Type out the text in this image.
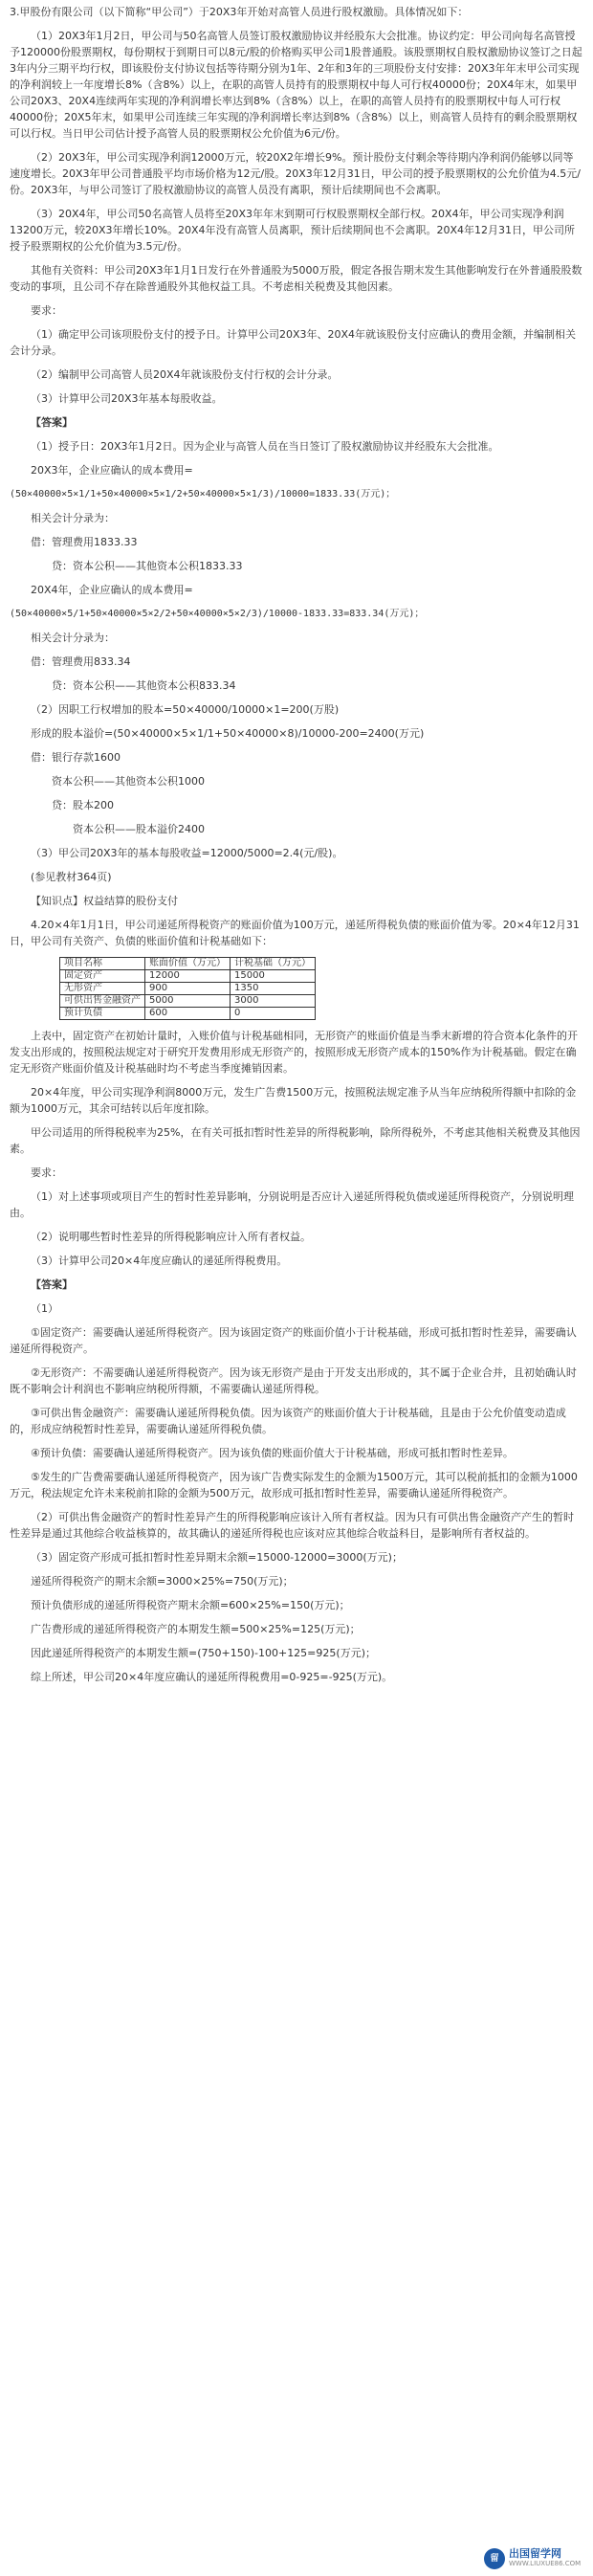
3.甲股份有限公司（以下简称“甲公司”）于20X3年开始对高管人员进行股权激励。具体情况如下：

（1）20X3年1月2日，甲公司与50名高管人员签订股权激励协议并经股东大会批准。协议约定：甲公司向每名高管授予120000份股票期权，每份期权于到期日可以8元/股的价格购买甲公司1股普通股。该股票期权自股权激励协议签订之日起3年内分三期平均行权，即该股份支付协议包括等待期分别为1年、2年和3年的三项股份支付安排：20X3年年末甲公司实现的净利润较上一年度增长8%（含8%）以上，在职的高管人员持有的股票期权中每人可行权40000份；20X4年末，如果甲公司20X3、20X4连续两年实现的净利润增长率达到8%（含8%）以上，在职的高管人员持有的股票期权中每人可行权40000份；20X5年末，如果甲公司连续三年实现的净利润增长率达到8%（含8%）以上，则高管人员持有的剩余股票期权可以行权。当日甲公司估计授予高管人员的股票期权公允价值为6元/份。

（2）20X3年，甲公司实现净利润12000万元，较20X2年增长9%。预计股份支付剩余等待期内净利润仍能够以同等速度增长。20X3年甲公司普通股平均市场价格为12元/股。20X3年12月31日，甲公司的授予股票期权的公允价值为4.5元/份。20X3年，与甲公司签订了股权激励协议的高管人员没有离职，预计后续期间也不会离职。

（3）20X4年，甲公司50名高管人员将至20X3年年末到期可行权股票期权全部行权。20X4年，甲公司实现净利润13200万元，较20X3年增长10%。20X4年没有高管人员离职，预计后续期间也不会离职。20X4年12月31日，甲公司所授予股票期权的公允价值为3.5元/份。

其他有关资料：甲公司20X3年1月1日发行在外普通股为5000万股，假定各报告期末发生其他影响发行在外普通股股数变动的事项，且公司不存在除普通股外其他权益工具。不考虑相关税费及其他因素。

要求：

（1）确定甲公司该项股份支付的授予日。计算甲公司20X3年、20X4年就该股份支付应确认的费用金额，并编制相关会计分录。

（2）编制甲公司高管人员20X4年就该股份支付行权的会计分录。

（3）计算甲公司20X3年基本每股收益。

【答案】

（1）授予日：20X3年1月2日。因为企业与高管人员在当日签订了股权激励协议并经股东大会批准。

20X3年，企业应确认的成本费用=

(50×40000×5×1/1+50×40000×5×1/2+50×40000×5×1/3)/10000=1833.33(万元)；

相关会计分录为：

借：管理费用1833.33

贷：资本公积——其他资本公积1833.33

20X4年，企业应确认的成本费用=

(50×40000×5/1+50×40000×5×2/2+50×40000×5×2/3)/10000-1833.33=833.34(万元)；

相关会计分录为：

借：管理费用833.34

贷：资本公积——其他资本公积833.34

（2）因职工行权增加的股本=50×40000/10000×1=200(万股)

形成的股本溢价=(50×40000×5×1/1+50×40000×8)/10000-200=2400(万元)

借：银行存款1600

资本公积——其他资本公积1000

贷：股本200

资本公积——股本溢价2400

（3）甲公司20X3年的基本每股收益=12000/5000=2.4(元/股)。

(参见教材364页)

【知识点】权益结算的股份支付

4.20×4年1月1日，甲公司递延所得税资产的账面价值为100万元，递延所得税负债的账面价值为零。20×4年12月31日，甲公司有关资产、负债的账面价值和计税基础如下：

项目名称	账面价值（万元）	计税基础（万元）
固定资产	12000	15000
无形资产	900	1350
可供出售金融资产	5000	3000
预计负债	600	0

上表中，固定资产在初始计量时，入账价值与计税基础相同，无形资产的账面价值是当季末新增的符合资本化条件的开发支出形成的，按照税法规定对于研究开发费用形成无形资产的，按照形成无形资产成本的150%作为计税基础。假定在确定无形资产账面价值及计税基础时均不考虑当季度摊销因素。

20×4年度，甲公司实现净利润8000万元，发生广告费1500万元，按照税法规定准予从当年应纳税所得额中扣除的金额为1000万元，其余可结转以后年度扣除。

甲公司适用的所得税税率为25%，在有关可抵扣暂时性差异的所得税影响，除所得税外，不考虑其他相关税费及其他因素。

要求：

（1）对上述事项或项目产生的暂时性差异影响，分别说明是否应计入递延所得税负债或递延所得税资产，分别说明理由。

（2）说明哪些暂时性差异的所得税影响应计入所有者权益。

（3）计算甲公司20×4年度应确认的递延所得税费用。

【答案】

（1）

①固定资产：需要确认递延所得税资产。因为该固定资产的账面价值小于计税基础，形成可抵扣暂时性差异，需要确认递延所得税资产。

②无形资产：不需要确认递延所得税资产。因为该无形资产是由于开发支出形成的，其不属于企业合并，且初始确认时既不影响会计利润也不影响应纳税所得额，不需要确认递延所得税。

③可供出售金融资产：需要确认递延所得税负债。因为该资产的账面价值大于计税基础，且是由于公允价值变动造成的，形成应纳税暂时性差异，需要确认递延所得税负债。

④预计负债：需要确认递延所得税资产。因为该负债的账面价值大于计税基础，形成可抵扣暂时性差异。

⑤发生的广告费需要确认递延所得税资产，因为该广告费实际发生的金额为1500万元，其可以税前抵扣的金额为1000万元，税法规定允许未来税前扣除的金额为500万元，故形成可抵扣暂时性差异，需要确认递延所得税资产。

（2）可供出售金融资产的暂时性差异产生的所得税影响应该计入所有者权益。因为只有可供出售金融资产产生的暂时性差异是通过其他综合收益核算的，故其确认的递延所得税也应该对应其他综合收益科目，是影响所有者权益的。

（3）固定资产形成可抵扣暂时性差异期末余额=15000-12000=3000(万元)；

递延所得税资产的期末余额=3000×25%=750(万元)；

预计负债形成的递延所得税资产期末余额=600×25%=150(万元)；

广告费形成的递延所得税资产的本期发生额=500×25%=125(万元)；

因此递延所得税资产的本期发生额=(750+150)-100+125=925(万元)；

综上所述，甲公司20×4年度应确认的递延所得税费用=0-925=-925(万元)。

留 出国留学网
WWW.LIUXUE86.COM
